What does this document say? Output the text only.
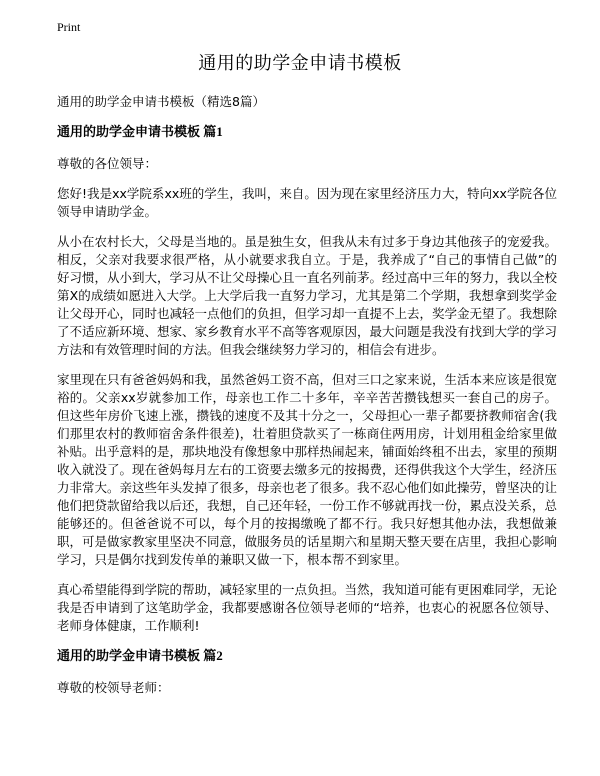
Print
通用的助学金申请书模板
通用的助学金申请书模板（精选8篇）
通用的助学金申请书模板 篇1
尊敬的各位领导：
您好!我是xx学院系xx班的学生，我叫，来自。因为现在家里经济压力大，特向xx学院各位领导申请助学金。
从小在农村长大，父母是当地的。虽是独生女，但我从未有过多于身边其他孩子的宠爱我。相反，父亲对我要求很严格，从小就要求我自立。于是，我养成了“自己的事情自己做”的好习惯，从小到大，学习从不让父母操心且一直名列前茅。经过高中三年的努力，我以全校第X的成绩如愿进入大学。上大学后我一直努力学习，尤其是第二个学期，我想拿到奖学金让父母开心，同时也减轻一点他们的负担，但学习却一直提不上去，奖学金无望了。我想除了不适应新环境、想家、家乡教育水平不高等客观原因，最大问题是我没有找到大学的学习方法和有效管理时间的方法。但我会继续努力学习的，相信会有进步。
家里现在只有爸爸妈妈和我，虽然爸妈工资不高，但对三口之家来说，生活本来应该是很宽裕的。父亲xx岁就参加工作，母亲也工作二十多年，辛辛苦苦攒钱想买一套自己的房子。但这些年房价飞速上涨，攒钱的速度不及其十分之一，父母担心一辈子都要挤教师宿舍(我们那里农村的教师宿舍条件很差)，壮着胆贷款买了一栋商住两用房，计划用租金给家里做补贴。出乎意料的是，那块地没有像想象中那样热闹起来，铺面始终租不出去，家里的预期收入就没了。现在爸妈每月左右的工资要去缴多元的按揭费，还得供我这个大学生，经济压力非常大。亲这些年头发掉了很多，母亲也老了很多。我不忍心他们如此操劳，曾坚决的让他们把贷款留给我以后还，我想，自己还年轻，一份工作不够就再找一份，累点没关系，总能够还的。但爸爸说不可以，每个月的按揭缴晚了都不行。我只好想其他办法，我想做兼职，可是做家教家里坚决不同意，做服务员的话星期六和星期天整天要在店里，我担心影响学习，只是偶尔找到发传单的兼职又做一下，根本帮不到家里。
真心希望能得到学院的帮助，减轻家里的一点负担。当然，我知道可能有更困难同学，无论我是否申请到了这笔助学金，我都要感谢各位领导老师的“培养，也衷心的祝愿各位领导、老师身体健康，工作顺利!
通用的助学金申请书模板 篇2
尊敬的校领导老师：
